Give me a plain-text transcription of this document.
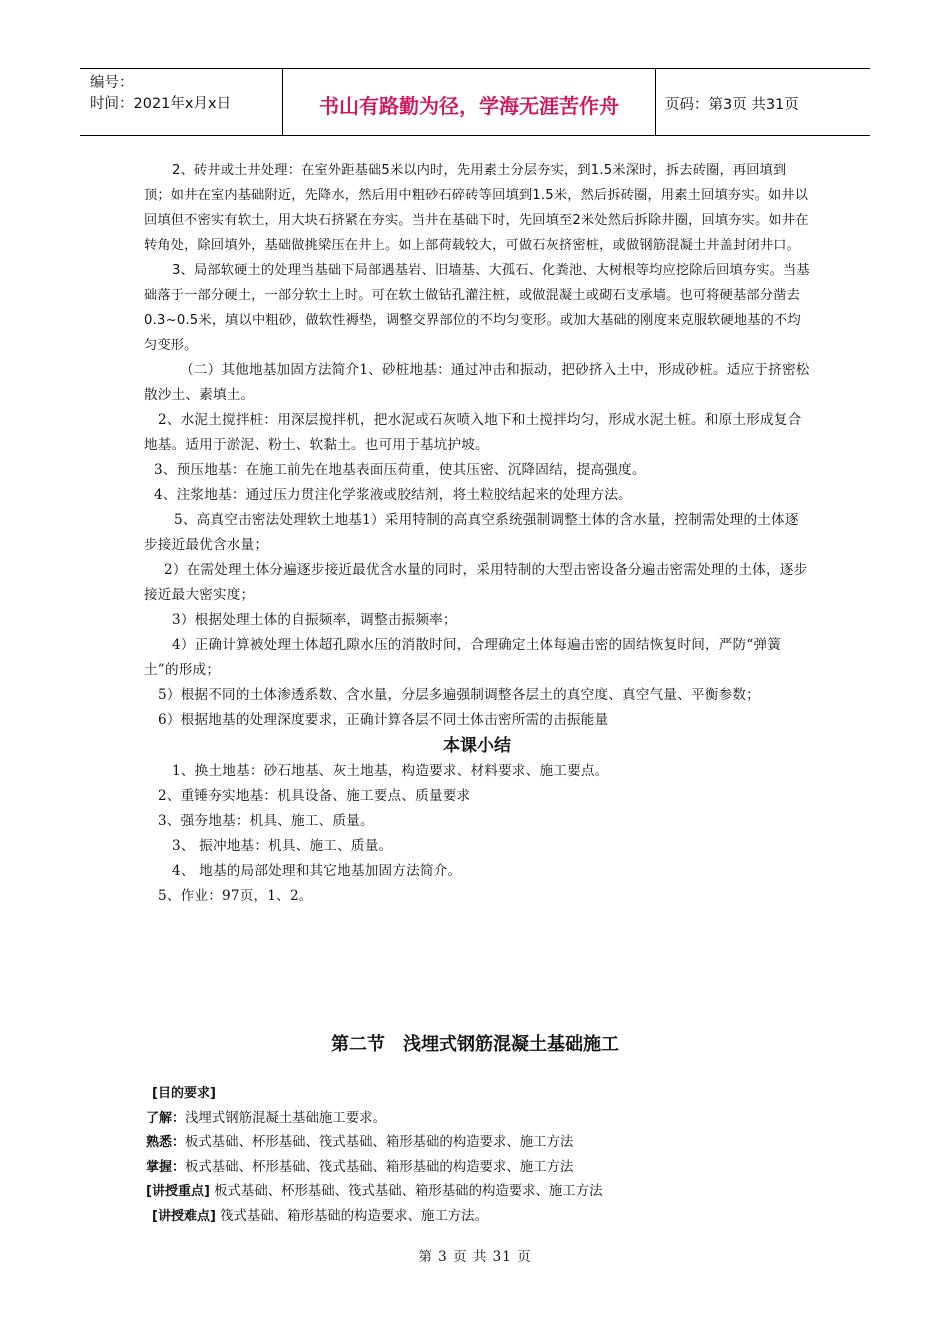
编号：
时间：2021年x月x日	书山有路勤为径，学海无涯苦作舟	页码：第3页 共31页

2、砖井或土井处理：在室外距基础5米以内时，先用素土分层夯实，到1.5米深时，拆去砖圈，再回填到顶；如井在室内基础附近，先降水，然后用中粗砂石碎砖等回填到1.5米，然后拆砖圈，用素土回填夯实。如井以回填但不密实有软土，用大块石挤紧在夯实。当井在基础下时，先回填至2米处然后拆除井圈，回填夯实。如井在转角处，除回填外，基础做挑梁压在井上。如上部荷载较大，可做石灰挤密桩，或做钢筋混凝土井盖封闭井口。

3、局部软硬土的处理当基础下局部遇基岩、旧墙基、大孤石、化粪池、大树根等均应挖除后回填夯实。当基础落于一部分硬土，一部分软土上时。可在软土做钻孔灌注桩，或做混凝土或砌石支承墙。也可将硬基部分凿去0.3~0.5米，填以中粗砂，做软性褥垫，调整交界部位的不均匀变形。或加大基础的刚度来克服软硬地基的不均匀变形。

（二）其他地基加固方法简介1、砂桩地基：通过冲击和振动，把砂挤入土中，形成砂桩。适应于挤密松散沙土、素填土。

2、水泥土搅拌桩：用深层搅拌机，把水泥或石灰喷入地下和土搅拌均匀，形成水泥土桩。和原土形成复合地基。适用于淤泥、粉土、软黏土。也可用于基坑护坡。

3、预压地基：在施工前先在地基表面压荷重，使其压密、沉降固结，提高强度。

4、注浆地基：通过压力贯注化学浆液或胶结剂，将土粒胶结起来的处理方法。

5、高真空击密法处理软土地基1）采用特制的高真空系统强制调整土体的含水量，控制需处理的土体逐步接近最优含水量；

2）在需处理土体分遍逐步接近最优含水量的同时，采用特制的大型击密设备分遍击密需处理的土体，逐步接近最大密实度；

3）根据处理土体的自振频率，调整击振频率；

4）正确计算被处理土体超孔隙水压的消散时间，合理确定土体每遍击密的固结恢复时间，严防“弹簧土”的形成；

5）根据不同的土体渗透系数、含水量，分层多遍强制调整各层土的真空度、真空气量、平衡参数；

6）根据地基的处理深度要求，正确计算各层不同土体击密所需的击振能量

本课小结

1、换土地基：砂石地基、灰土地基，构造要求、材料要求、施工要点。

2、重锤夯实地基：机具设备、施工要点、质量要求

3、强夯地基：机具、施工、质量。

3、 振冲地基：机具、施工、质量。

4、 地基的局部处理和其它地基加固方法简介。

5、作业：97页，1、2。

第二节　浅埋式钢筋混凝土基础施工

[目的要求]

了解：浅埋式钢筋混凝土基础施工要求。

熟悉：板式基础、杯形基础、筏式基础、箱形基础的构造要求、施工方法

掌握：板式基础、杯形基础、筏式基础、箱形基础的构造要求、施工方法

[讲授重点] 板式基础、杯形基础、筏式基础、箱形基础的构造要求、施工方法

[讲授难点] 筏式基础、箱形基础的构造要求、施工方法。

第 3 页 共 31 页
